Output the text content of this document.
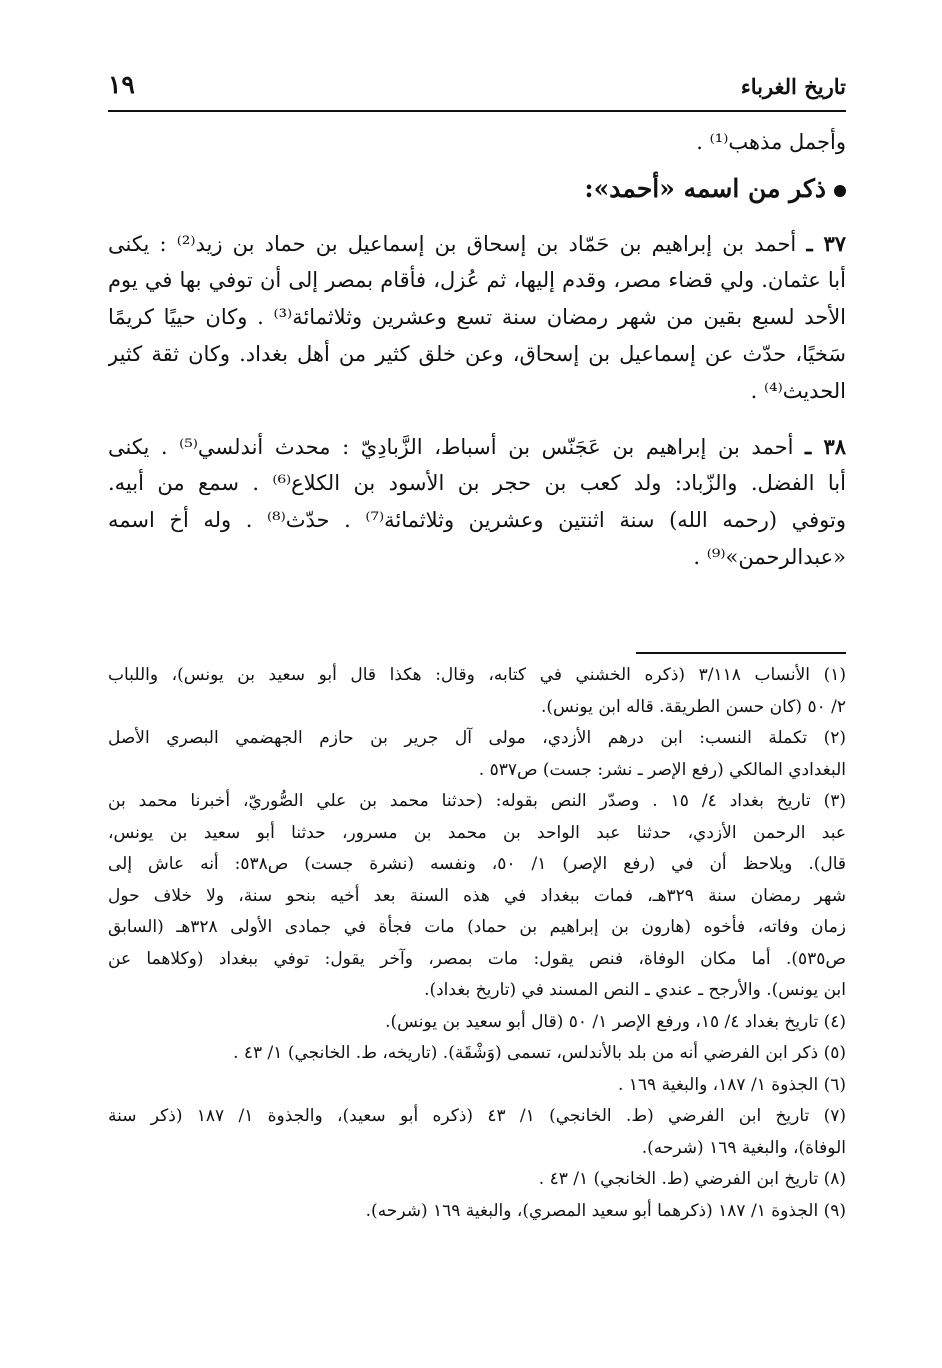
تاريخ الغرباء
١٩
وأجمل مذهب⁽¹⁾ .
ذكر من اسمه «أحمد»:
٣٧ ـ أحمد بن إبراهيم بن حَمّاد بن إسحاق بن إسماعيل بن حماد بن زيد⁽²⁾ : يكنى
أبا عثمان. ولي قضاء مصر، وقدم إليها، ثم عُزل، فأقام بمصر إلى أن توفي بها في يوم
الأحد لسبع بقين من شهر رمضان سنة تسع وعشرين وثلاثمائة⁽³⁾ . وكان حييًا كريمًا
سَخيًا، حدّث عن إسماعيل بن إسحاق، وعن خلق كثير من أهل بغداد. وكان ثقة كثير
الحديث⁽⁴⁾ .
٣٨ ـ أحمد بن إبراهيم بن عَجَنّس بن أسباط، الزَّبادِيّ : محدث أندلسي⁽⁵⁾ . يكنى
أبا الفضل. والزّباد: ولد كعب بن حجر بن الأسود بن الكلاع⁽⁶⁾ . سمع من أبيه.
وتوفي (رحمه الله) سنة اثنتين وعشرين وثلاثمائة⁽⁷⁾ . حدّث⁽⁸⁾ . وله أخ اسمه
«عبدالرحمن»⁽⁹⁾ .
(١) الأنساب ٣/١١٨ (ذكره الخشني في كتابه، وقال: هكذا قال أبو سعيد بن يونس)، واللباب
٢/ ٥٠ (كان حسن الطريقة. قاله ابن يونس).
(٢) تكملة النسب: ابن درهم الأزدي، مولى آل جرير بن حازم الجهضمي البصري الأصل
البغدادي المالكي (رفع الإصر ـ نشر: جست) ص٥٣٧ .
(٣) تاريخ بغداد ٤/ ١٥ . وصدّر النص بقوله: (حدثنا محمد بن علي الصُّوريّ، أخبرنا محمد بن
عبد الرحمن الأزدي، حدثنا عبد الواحد بن محمد بن مسرور، حدثنا أبو سعيد بن يونس،
قال). ويلاحظ أن في (رفع الإصر) ١/ ٥٠، ونفسه (نشرة جست) ص٥٣٨: أنه عاش إلى
شهر رمضان سنة ٣٢٩هـ، فمات ببغداد في هذه السنة بعد أخيه بنحو سنة، ولا خلاف حول
زمان وفاته، فأخوه (هارون بن إبراهيم بن حماد) مات فجأة في جمادى الأولى ٣٢٨هـ (السابق
ص٥٣٥). أما مكان الوفاة، فنص يقول: مات بمصر، وآخر يقول: توفي ببغداد (وكلاهما عن
ابن يونس). والأرجح ـ عندي ـ النص المسند في (تاريخ بغداد).
(٤) تاريخ بغداد ٤/ ١٥، ورفع الإصر ١/ ٥٠ (قال أبو سعيد بن يونس).
(٥) ذكر ابن الفرضي أنه من بلد بالأندلس، تسمى (وَشْقَة). (تاريخه، ط. الخانجي) ١/ ٤٣ .
(٦) الجذوة ١/ ١٨٧، والبغية ١٦٩ .
(٧) تاريخ ابن الفرضي (ط. الخانجي) ١/ ٤٣ (ذكره أبو سعيد)، والجذوة ١/ ١٨٧ (ذكر سنة
الوفاة)، والبغية ١٦٩ (شرحه).
(٨) تاريخ ابن الفرضي (ط. الخانجي) ١/ ٤٣ .
(٩) الجذوة ١/ ١٨٧ (ذكرهما أبو سعيد المصري)، والبغية ١٦٩ (شرحه).
